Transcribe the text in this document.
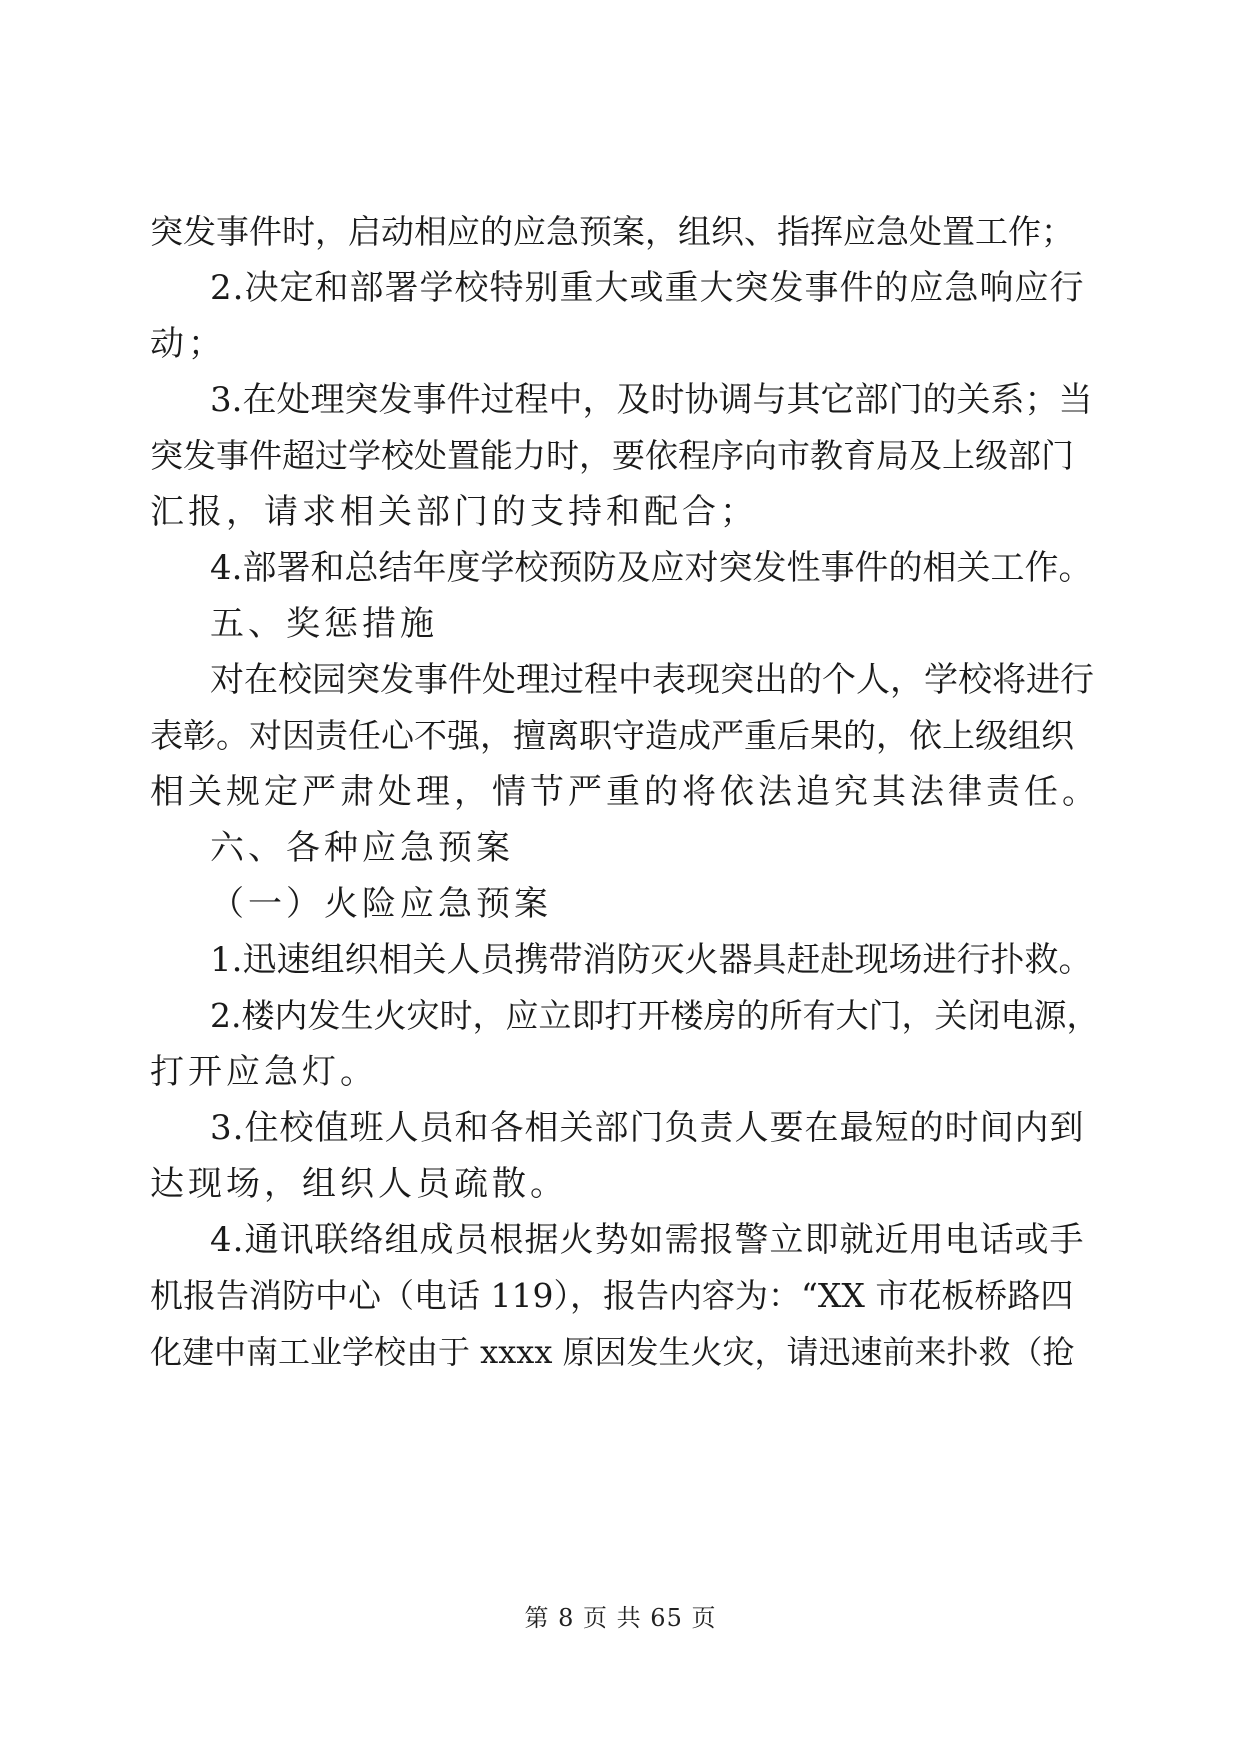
突发事件时，启动相应的应急预案，组织、指挥应急处置工作；
2.决定和部署学校特别重大或重大突发事件的应急响应行
动；
3.在处理突发事件过程中，及时协调与其它部门的关系；当
突发事件超过学校处置能力时，要依程序向市教育局及上级部门
汇报，请求相关部门的支持和配合；
4.部署和总结年度学校预防及应对突发性事件的相关工作。
五、奖惩措施
对在校园突发事件处理过程中表现突出的个人，学校将进行
表彰。对因责任心不强，擅离职守造成严重后果的，依上级组织
相关规定严肃处理，情节严重的将依法追究其法律责任。
六、各种应急预案
（一）火险应急预案
1.迅速组织相关人员携带消防灭火器具赶赴现场进行扑救。
2.楼内发生火灾时，应立即打开楼房的所有大门，关闭电源，
打开应急灯。
3.住校值班人员和各相关部门负责人要在最短的时间内到
达现场，组织人员疏散。
4.通讯联络组成员根据火势如需报警立即就近用电话或手
机报告消防中心（电话 119），报告内容为：“XX 市花板桥路四
化建中南工业学校由于 xxxx 原因发生火灾，请迅速前来扑救（抢
第 8 页 共 65 页
